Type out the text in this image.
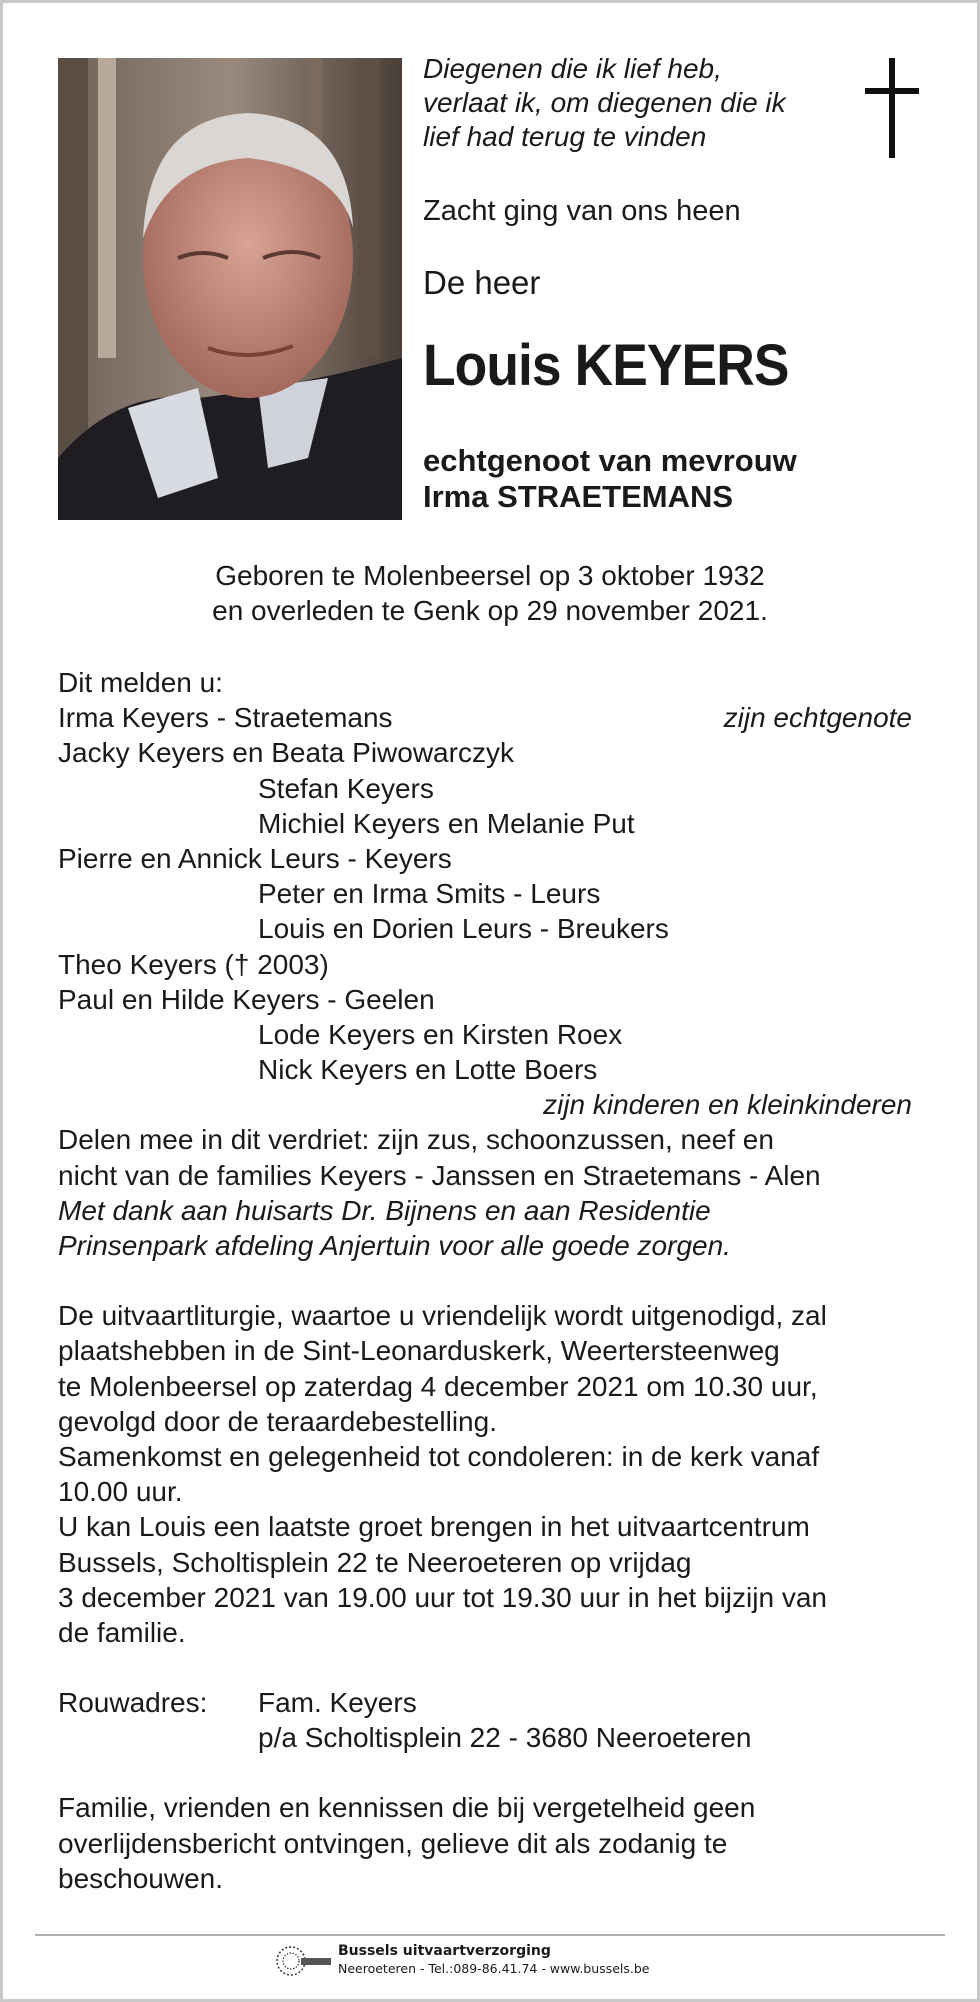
Diegenen die ik lief heb,
verlaat ik, om diegenen die ik
lief had terug te vinden
Zacht ging van ons heen
De heer
Louis KEYERS
echtgenoot van mevrouw
Irma STRAETEMANS
Geboren te Molenbeersel op 3 oktober 1932
en overleden te Genk op 29 november 2021.
Dit melden u:
Irma Keyers - Straetemans	zijn echtgenote
Jacky Keyers en Beata Piwowarczyk
Stefan Keyers
Michiel Keyers en Melanie Put
Pierre en Annick Leurs - Keyers
Peter en Irma Smits - Leurs
Louis en Dorien Leurs - Breukers
Theo Keyers († 2003)
Paul en Hilde Keyers - Geelen
Lode Keyers en Kirsten Roex
Nick Keyers en Lotte Boers
zijn kinderen en kleinkinderen
Delen mee in dit verdriet: zijn zus, schoonzussen, neef en
nicht van de families Keyers - Janssen en Straetemans - Alen
Met dank aan huisarts Dr. Bijnens en aan Residentie
Prinsenpark afdeling Anjertuin voor alle goede zorgen.
De uitvaartliturgie, waartoe u vriendelijk wordt uitgenodigd, zal
plaatshebben in de Sint-Leonarduskerk, Weertersteenweg
te Molenbeersel op zaterdag 4 december 2021 om 10.30 uur,
gevolgd door de teraardebestelling.
Samenkomst en gelegenheid tot condoleren: in de kerk vanaf
10.00 uur.
U kan Louis een laatste groet brengen in het uitvaartcentrum
Bussels, Scholtisplein 22 te Neeroeteren op vrijdag
3 december 2021 van 19.00 uur tot 19.30 uur in het bijzijn van
de familie.
Rouwadres: Fam. Keyers
p/a Scholtisplein 22 - 3680 Neeroeteren
Familie, vrienden en kennissen die bij vergetelheid geen
overlijdensbericht ontvingen, gelieve dit als zodanig te
beschouwen.
Bussels uitvaartverzorging
Neeroeteren - Tel.:089-86.41.74 - www.bussels.be
